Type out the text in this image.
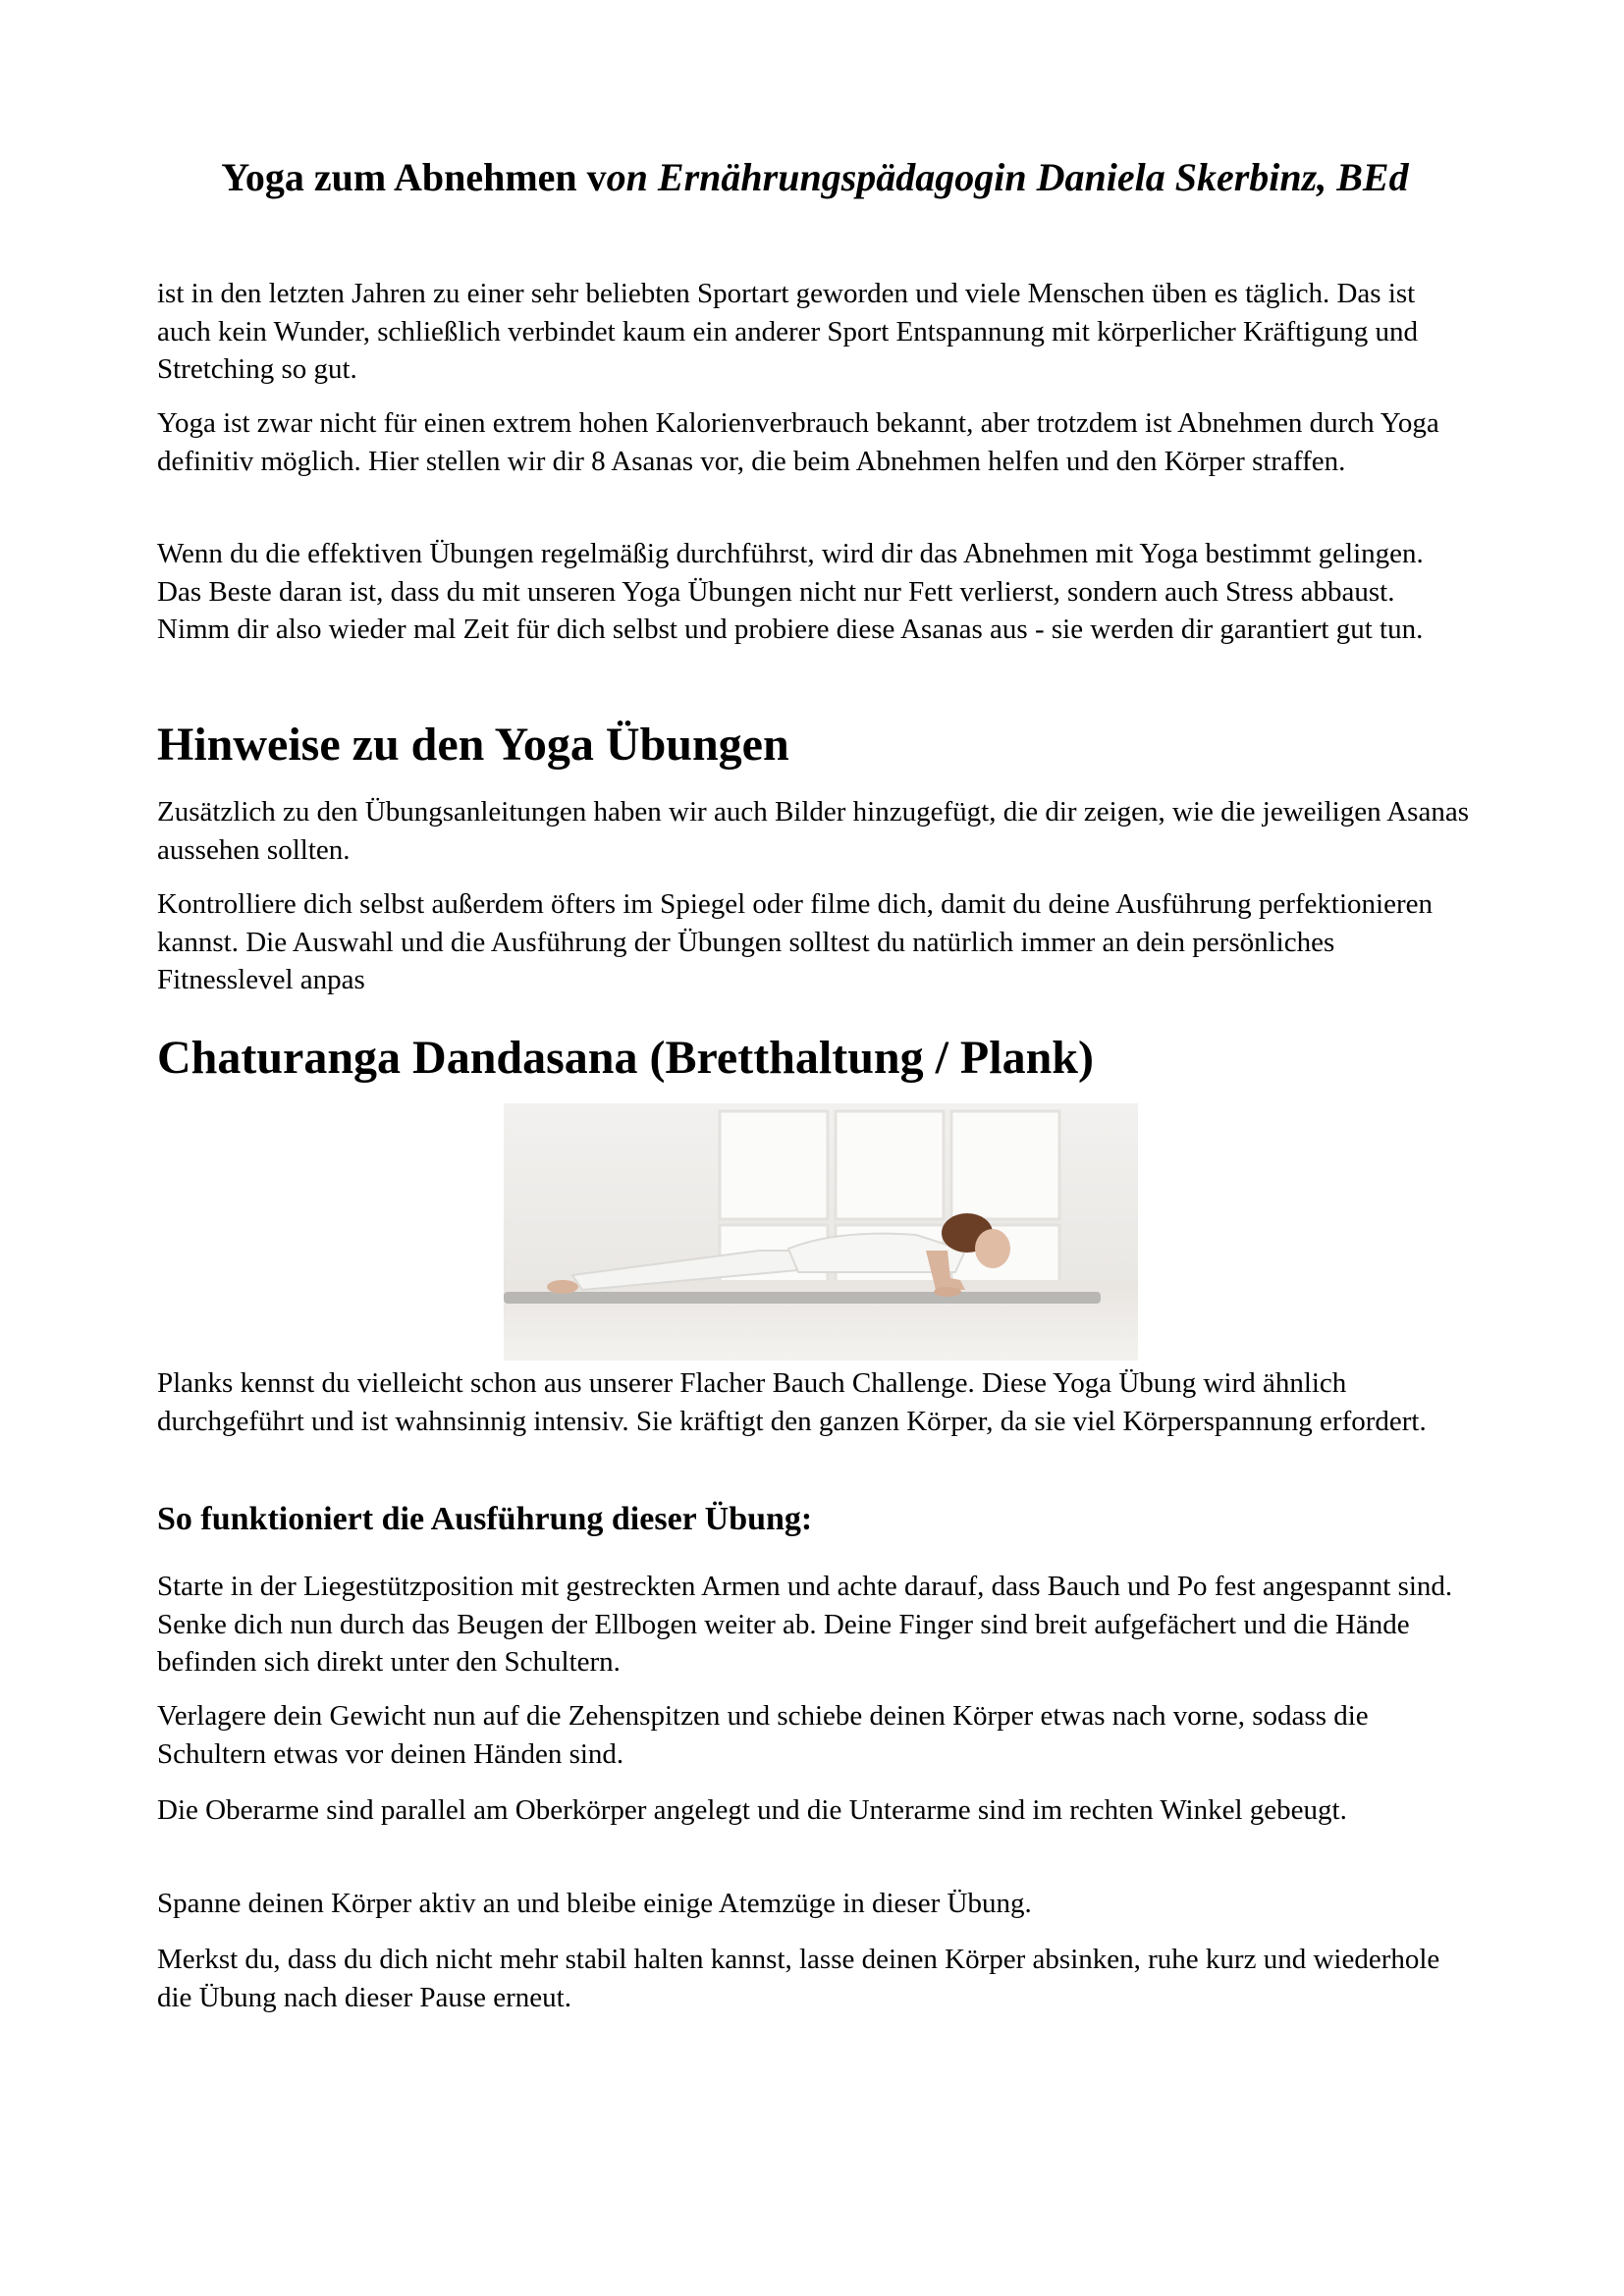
Yoga zum Abnehmen von Ernährungspädagogin Daniela Skerbinz, BEd

ist in den letzten Jahren zu einer sehr beliebten Sportart geworden und viele Menschen üben es täglich. Das ist auch kein Wunder, schließlich verbindet kaum ein anderer Sport Entspannung mit körperlicher Kräftigung und Stretching so gut.

Yoga ist zwar nicht für einen extrem hohen Kalorienverbrauch bekannt, aber trotzdem ist Abnehmen durch Yoga definitiv möglich. Hier stellen wir dir 8 Asanas vor, die beim Abnehmen helfen und den Körper straffen.

Wenn du die effektiven Übungen regelmäßig durchführst, wird dir das Abnehmen mit Yoga bestimmt gelingen. Das Beste daran ist, dass du mit unseren Yoga Übungen nicht nur Fett verlierst, sondern auch Stress abbaust. Nimm dir also wieder mal Zeit für dich selbst und probiere diese Asanas aus - sie werden dir garantiert gut tun.

Hinweise zu den Yoga Übungen

Zusätzlich zu den Übungsanleitungen haben wir auch Bilder hinzugefügt, die dir zeigen, wie die jeweiligen Asanas aussehen sollten.

Kontrolliere dich selbst außerdem öfters im Spiegel oder filme dich, damit du deine Ausführung perfektionieren kannst. Die Auswahl und die Ausführung der Übungen solltest du natürlich immer an dein persönliches Fitnesslevel anpas

Chaturanga Dandasana (Bretthaltung / Plank)

Planks kennst du vielleicht schon aus unserer Flacher Bauch Challenge. Diese Yoga Übung wird ähnlich durchgeführt und ist wahnsinnig intensiv. Sie kräftigt den ganzen Körper, da sie viel Körperspannung erfordert.

So funktioniert die Ausführung dieser Übung:

Starte in der Liegestützposition mit gestreckten Armen und achte darauf, dass Bauch und Po fest angespannt sind. Senke dich nun durch das Beugen der Ellbogen weiter ab. Deine Finger sind breit aufgefächert und die Hände befinden sich direkt unter den Schultern.

Verlagere dein Gewicht nun auf die Zehenspitzen und schiebe deinen Körper etwas nach vorne, sodass die Schultern etwas vor deinen Händen sind.

Die Oberarme sind parallel am Oberkörper angelegt und die Unterarme sind im rechten Winkel gebeugt.

Spanne deinen Körper aktiv an und bleibe einige Atemzüge in dieser Übung.

Merkst du, dass du dich nicht mehr stabil halten kannst, lasse deinen Körper absinken, ruhe kurz und wiederhole die Übung nach dieser Pause erneut.
